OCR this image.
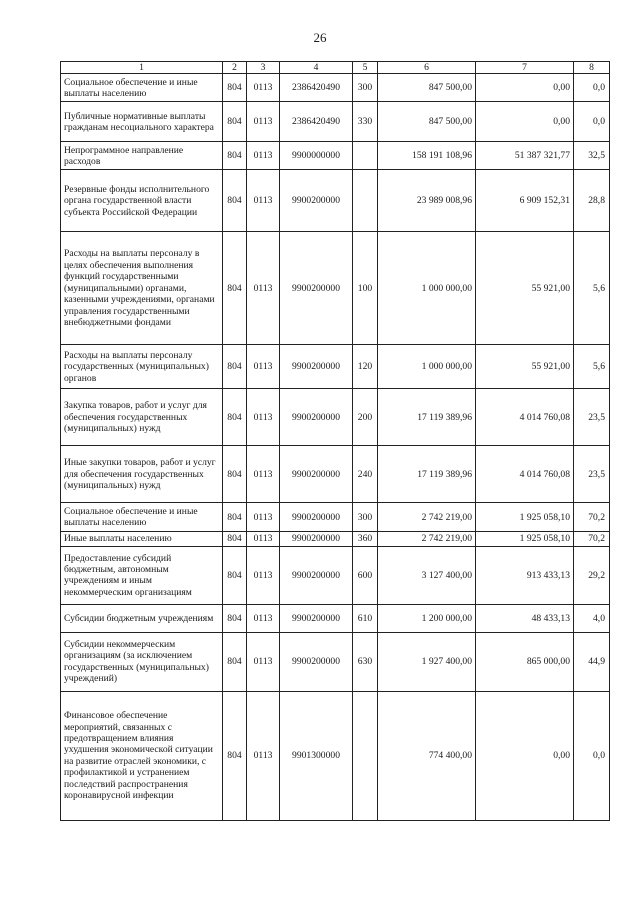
26
1	2	3	4	5	6	7	8
Социальное обеспечение и иные выплаты населению	804	0113	2386420490	300	847 500,00	0,00	0,0
Публичные нормативные выплаты гражданам несоциального характера	804	0113	2386420490	330	847 500,00	0,00	0,0
Непрограммное направление расходов	804	0113	9900000000		158 191 108,96	51 387 321,77	32,5
Резервные фонды исполнительного органа государственной власти субъекта Российской Федерации	804	0113	9900200000		23 989 008,96	6 909 152,31	28,8
Расходы на выплаты персоналу в целях обеспечения выполнения функций государственными (муниципальными) органами, казенными учреждениями, органами управления государственными внебюджетными фондами	804	0113	9900200000	100	1 000 000,00	55 921,00	5,6
Расходы на выплаты персоналу государственных (муниципальных) органов	804	0113	9900200000	120	1 000 000,00	55 921,00	5,6
Закупка товаров, работ и услуг для обеспечения государственных (муниципальных) нужд	804	0113	9900200000	200	17 119 389,96	4 014 760,08	23,5
Иные закупки товаров, работ и услуг для обеспечения государственных (муниципальных) нужд	804	0113	9900200000	240	17 119 389,96	4 014 760,08	23,5
Социальное обеспечение и иные выплаты населению	804	0113	9900200000	300	2 742 219,00	1 925 058,10	70,2
Иные выплаты населению	804	0113	9900200000	360	2 742 219,00	1 925 058,10	70,2
Предоставление субсидий бюджетным, автономным учреждениям и иным некоммерческим организациям	804	0113	9900200000	600	3 127 400,00	913 433,13	29,2
Субсидии бюджетным учреждениям	804	0113	9900200000	610	1 200 000,00	48 433,13	4,0
Субсидии некоммерческим организациям (за исключением государственных (муниципальных) учреждений)	804	0113	9900200000	630	1 927 400,00	865 000,00	44,9
Финансовое обеспечение мероприятий, связанных с предотвращением влияния ухудшения экономической ситуации на развитие отраслей экономики, с профилактикой и устранением последствий распространения коронавирусной инфекции	804	0113	9901300000		774 400,00	0,00	0,0
